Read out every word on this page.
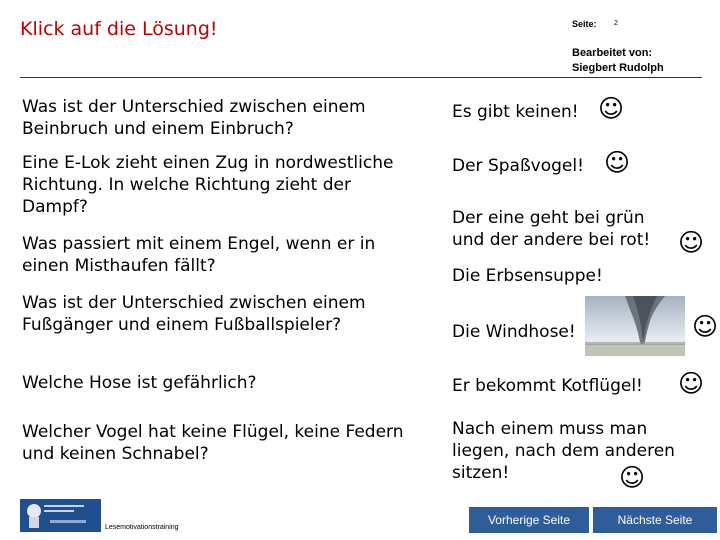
Klick auf die Lösung!	Seite: 2
Bearbeitet von:
Siegbert Rudolph
Was ist der Unterschied zwischen einem Beinbruch und einem Einbruch?
Eine E-Lok zieht einen Zug in nordwestliche Richtung. In welche Richtung zieht der Dampf?
Was passiert mit einem Engel, wenn er in einen Misthaufen fällt?
Was ist der Unterschied zwischen einem Fußgänger und einem Fußballspieler?
Welche Hose ist gefährlich?
Welcher Vogel hat keine Flügel, keine Federn und keinen Schnabel?
Es gibt keinen! ☺
Der Spaßvogel! ☺
Der eine geht bei grün und der andere bei rot!	☺
Die Erbsensuppe!
Die Windhose!	☺
Er bekommt Kotflügel! ☺
Nach einem muss man liegen, nach dem anderen sitzen!	☺
Lesemotivationstraining
Vorherige Seite	Nächste Seite
